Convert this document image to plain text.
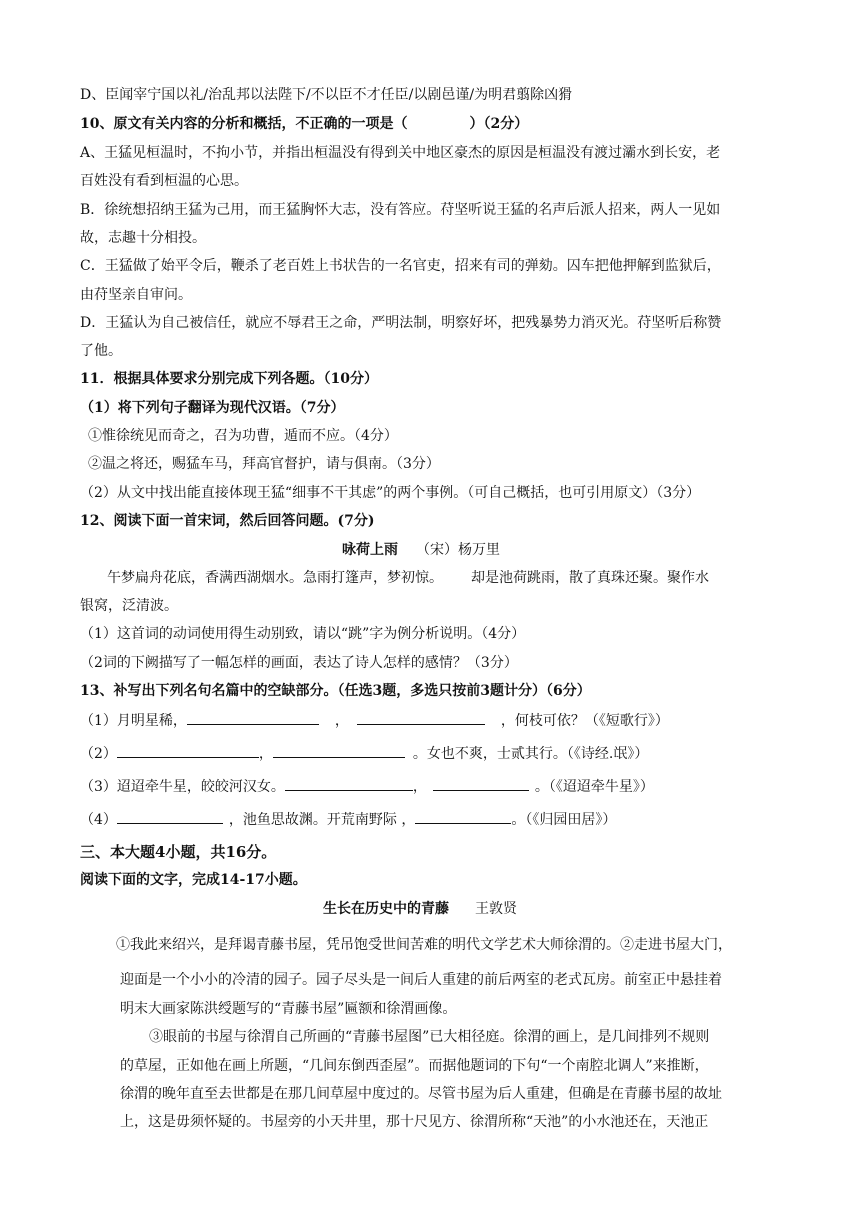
D、臣闻宰宁国以礼/治乱邦以法陛下/不以臣不才任臣/以剧邑谨/为明君翦除凶猾
10、原文有关内容的分析和概括，不正确的一项是（	）（2分）
A、王猛见桓温时，不拘小节，并指出桓温没有得到关中地区豪杰的原因是桓温没有渡过灞水到长安，老
百姓没有看到桓温的心思。
B．徐统想招纳王猛为己用，而王猛胸怀大志，没有答应。苻坚听说王猛的名声后派人招来，两人一见如
故，志趣十分相投。
C．王猛做了始平令后，鞭杀了老百姓上书状告的一名官吏，招来有司的弹劾。囚车把他押解到监狱后，
由苻坚亲自审问。
D．王猛认为自己被信任，就应不辱君王之命，严明法制，明察好坏，把残暴势力消灭光。苻坚听后称赞
了他。
11．根据具体要求分别完成下列各题。（10分）
（1）将下列句子翻译为现代汉语。（7分）
①惟徐统见而奇之，召为功曹，遁而不应。（4分）
②温之将还，赐猛车马，拜高官督护，请与俱南。（3分）
（2）从文中找出能直接体现王猛“细事不干其虑”的两个事例。（可自己概括，也可引用原文）（3分）
12、阅读下面一首宋词，然后回答问题。(7分)
咏荷上雨 （宋）杨万里
午梦扁舟花底，香满西湖烟水。急雨打篷声，梦初惊。 却是池荷跳雨，散了真珠还聚。聚作水
银窝，泛清波。
（1）这首词的动词使用得生动别致，请以“跳”字为例分析说明。（4分）
（2词的下阙描写了一幅怎样的画面，表达了诗人怎样的感情？（3分）
13、补写出下列名句名篇中的空缺部分。（任选3题，多选只按前3题计分）（6分）
（1）月明星稀，	，	，何枝可依？（《短歌行》）
（2）	，	。女也不爽，士贰其行。（《诗经.氓》）
（3）迢迢牵牛星，皎皎河汉女。	，	。（《迢迢牵牛星》）
（4）	，池鱼思故渊。开荒南野际 ，	。（《归园田居》）
三、本大题4小题，共16分。
阅读下面的文字，完成14-17小题。
生长在历史中的青藤 王敦贤
①我此来绍兴，是拜谒青藤书屋，凭吊饱受世间苦难的明代文学艺术大师徐渭的。②走进书屋大门，
迎面是一个小小的冷清的园子。园子尽头是一间后人重建的前后两室的老式瓦房。前室正中悬挂着
明末大画家陈洪绶题写的“青藤书屋”匾额和徐渭画像。
③眼前的书屋与徐渭自己所画的“青藤书屋图”已大相径庭。徐渭的画上，是几间排列不规则
的草屋，正如他在画上所题，“几间东倒西歪屋”。而据他题词的下句“一个南腔北调人”来推断，
徐渭的晚年直至去世都是在那几间草屋中度过的。尽管书屋为后人重建，但确是在青藤书屋的故址
上，这是毋须怀疑的。书屋旁的小天井里，那十尺见方、徐渭所称“天池”的小水池还在，天池正
